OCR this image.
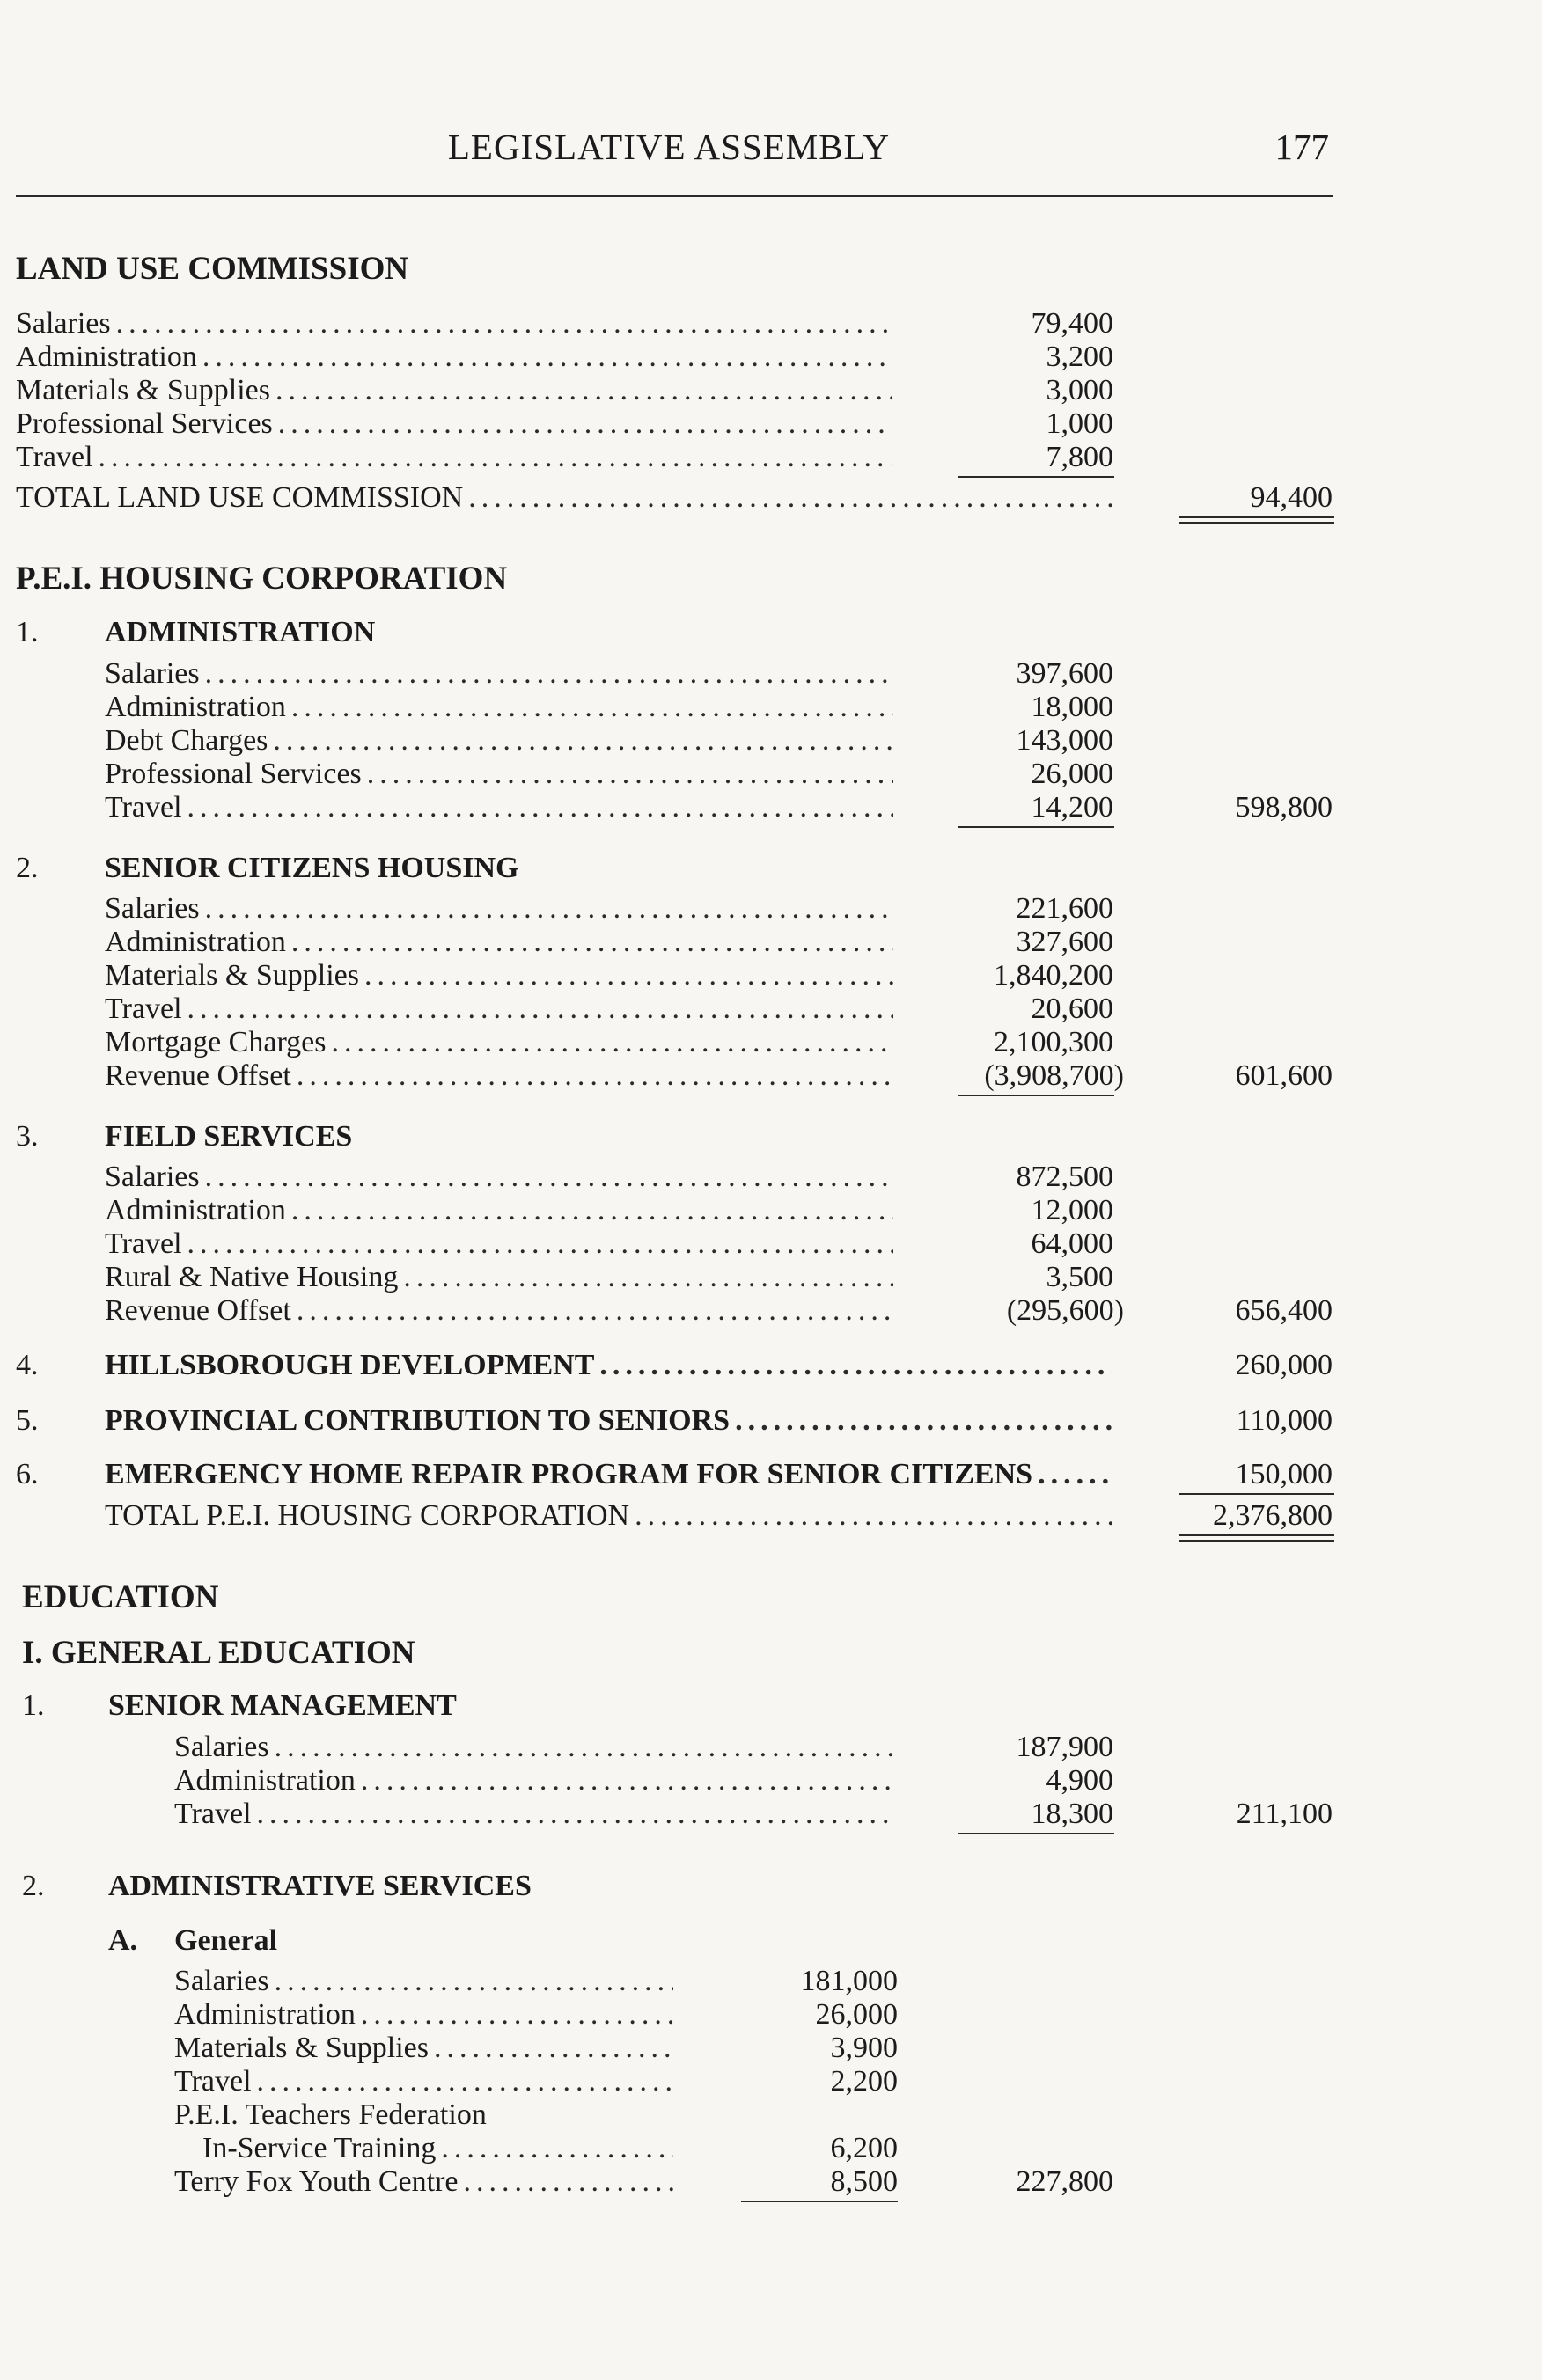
LEGISLATIVE ASSEMBLY	177
LAND USE COMMISSION
Salaries .....	79,400
Administration .....	3,200
Materials & Supplies .....	3,000
Professional Services .....	1,000
Travel .....	7,800
TOTAL LAND USE COMMISSION .....	94,400
P.E.I. HOUSING CORPORATION
1. ADMINISTRATION
Salaries .....	397,600
Administration .....	18,000
Debt Charges .....	143,000
Professional Services .....	26,000
Travel .....	14,200	598,800
2. SENIOR CITIZENS HOUSING
Salaries .....	221,600
Administration .....	327,600
Materials & Supplies .....	1,840,200
Travel .....	20,600
Mortgage Charges .....	2,100,300
Revenue Offset .....	(3,908,700)	601,600
3. FIELD SERVICES
Salaries .....	872,500
Administration .....	12,000
Travel .....	64,000
Rural & Native Housing .....	3,500
Revenue Offset .....	(295,600)	656,400
4. HILLSBOROUGH DEVELOPMENT .....	260,000
5. PROVINCIAL CONTRIBUTION TO SENIORS .....	110,000
6. EMERGENCY HOME REPAIR PROGRAM FOR SENIOR CITIZENS .....	150,000
TOTAL P.E.I. HOUSING CORPORATION .....	2,376,800
EDUCATION
I. GENERAL EDUCATION
1. SENIOR MANAGEMENT
Salaries .....	187,900
Administration .....	4,900
Travel .....	18,300	211,100
2. ADMINISTRATIVE SERVICES
A. General
Salaries .....	181,000
Administration .....	26,000
Materials & Supplies .....	3,900
Travel .....	2,200
P.E.I. Teachers Federation
In-Service Training .....	6,200
Terry Fox Youth Centre .....	8,500	227,800
